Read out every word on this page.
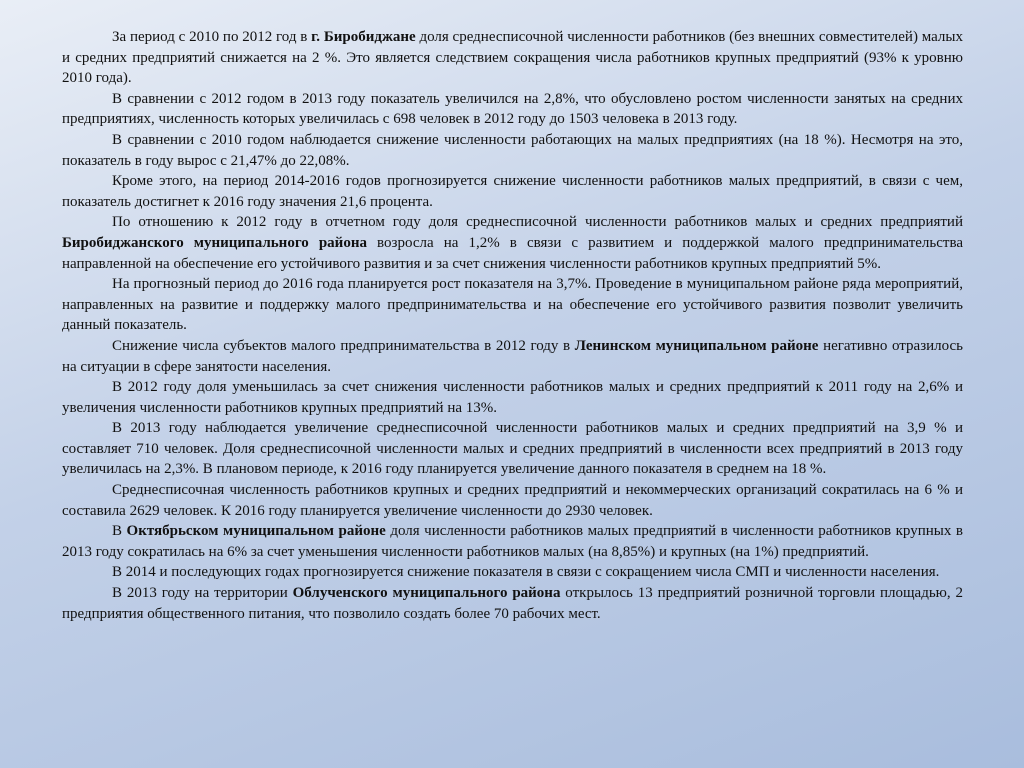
За период с 2010 по 2012 год в г. Биробиджане доля среднесписочной численности работников (без внешних совместителей) малых и средних предприятий снижается на 2 %. Это является следствием сокращения числа работников крупных предприятий (93% к уровню 2010 года).

В сравнении с 2012 годом в 2013 году показатель увеличился на 2,8%, что обусловлено ростом численности занятых на средних предприятиях, численность которых увеличилась с 698 человек в 2012 году до 1503 человека в 2013 году.

В сравнении с 2010 годом наблюдается снижение численности работающих на малых предприятиях (на 18 %). Несмотря на это, показатель в году вырос с 21,47% до 22,08%.

Кроме этого, на период 2014-2016 годов прогнозируется снижение численности работников малых предприятий, в связи с чем, показатель достигнет к 2016 году значения 21,6 процента.

По отношению к 2012 году в отчетном году доля среднесписочной численности работников малых и средних предприятий Биробиджанского муниципального района возросла на 1,2% в связи с развитием и поддержкой малого предпринимательства направленной на обеспечение его устойчивого развития и за счет снижения численности работников крупных предприятий 5%.

На прогнозный период до 2016 года планируется рост показателя на 3,7%. Проведение в муниципальном районе ряда мероприятий, направленных на развитие и поддержку малого предпринимательства и на обеспечение его устойчивого развития позволит увеличить данный показатель.

Снижение числа субъектов малого предпринимательства в 2012 году в Ленинском муниципальном районе негативно отразилось на ситуации в сфере занятости населения.

В 2012 году доля уменьшилась за счет снижения численности работников малых и средних предприятий к 2011 году на 2,6% и увеличения численности работников крупных предприятий на 13%.

В 2013 году наблюдается увеличение среднесписочной численности работников малых и средних предприятий на 3,9 % и составляет 710 человек. Доля среднесписочной численности малых и средних предприятий в численности всех предприятий в 2013 году увеличилась на 2,3%. В плановом периоде, к 2016 году планируется увеличение данного показателя в среднем на 18 %.

Среднесписочная численность работников крупных и средних предприятий и некоммерческих организаций сократилась на 6 % и составила 2629 человек. К 2016 году планируется увеличение численности до 2930 человек.

В Октябрьском муниципальном районе доля численности работников малых предприятий в численности работников крупных в 2013 году сократилась на 6% за счет уменьшения численности работников малых (на 8,85%) и крупных (на 1%) предприятий.

В 2014 и последующих годах прогнозируется снижение показателя в связи с сокращением числа СМП и численности населения.

В 2013 году на территории Облученского муниципального района открылось 13 предприятий розничной торговли площадью, 2 предприятия общественного питания, что позволило создать более 70 рабочих мест.
